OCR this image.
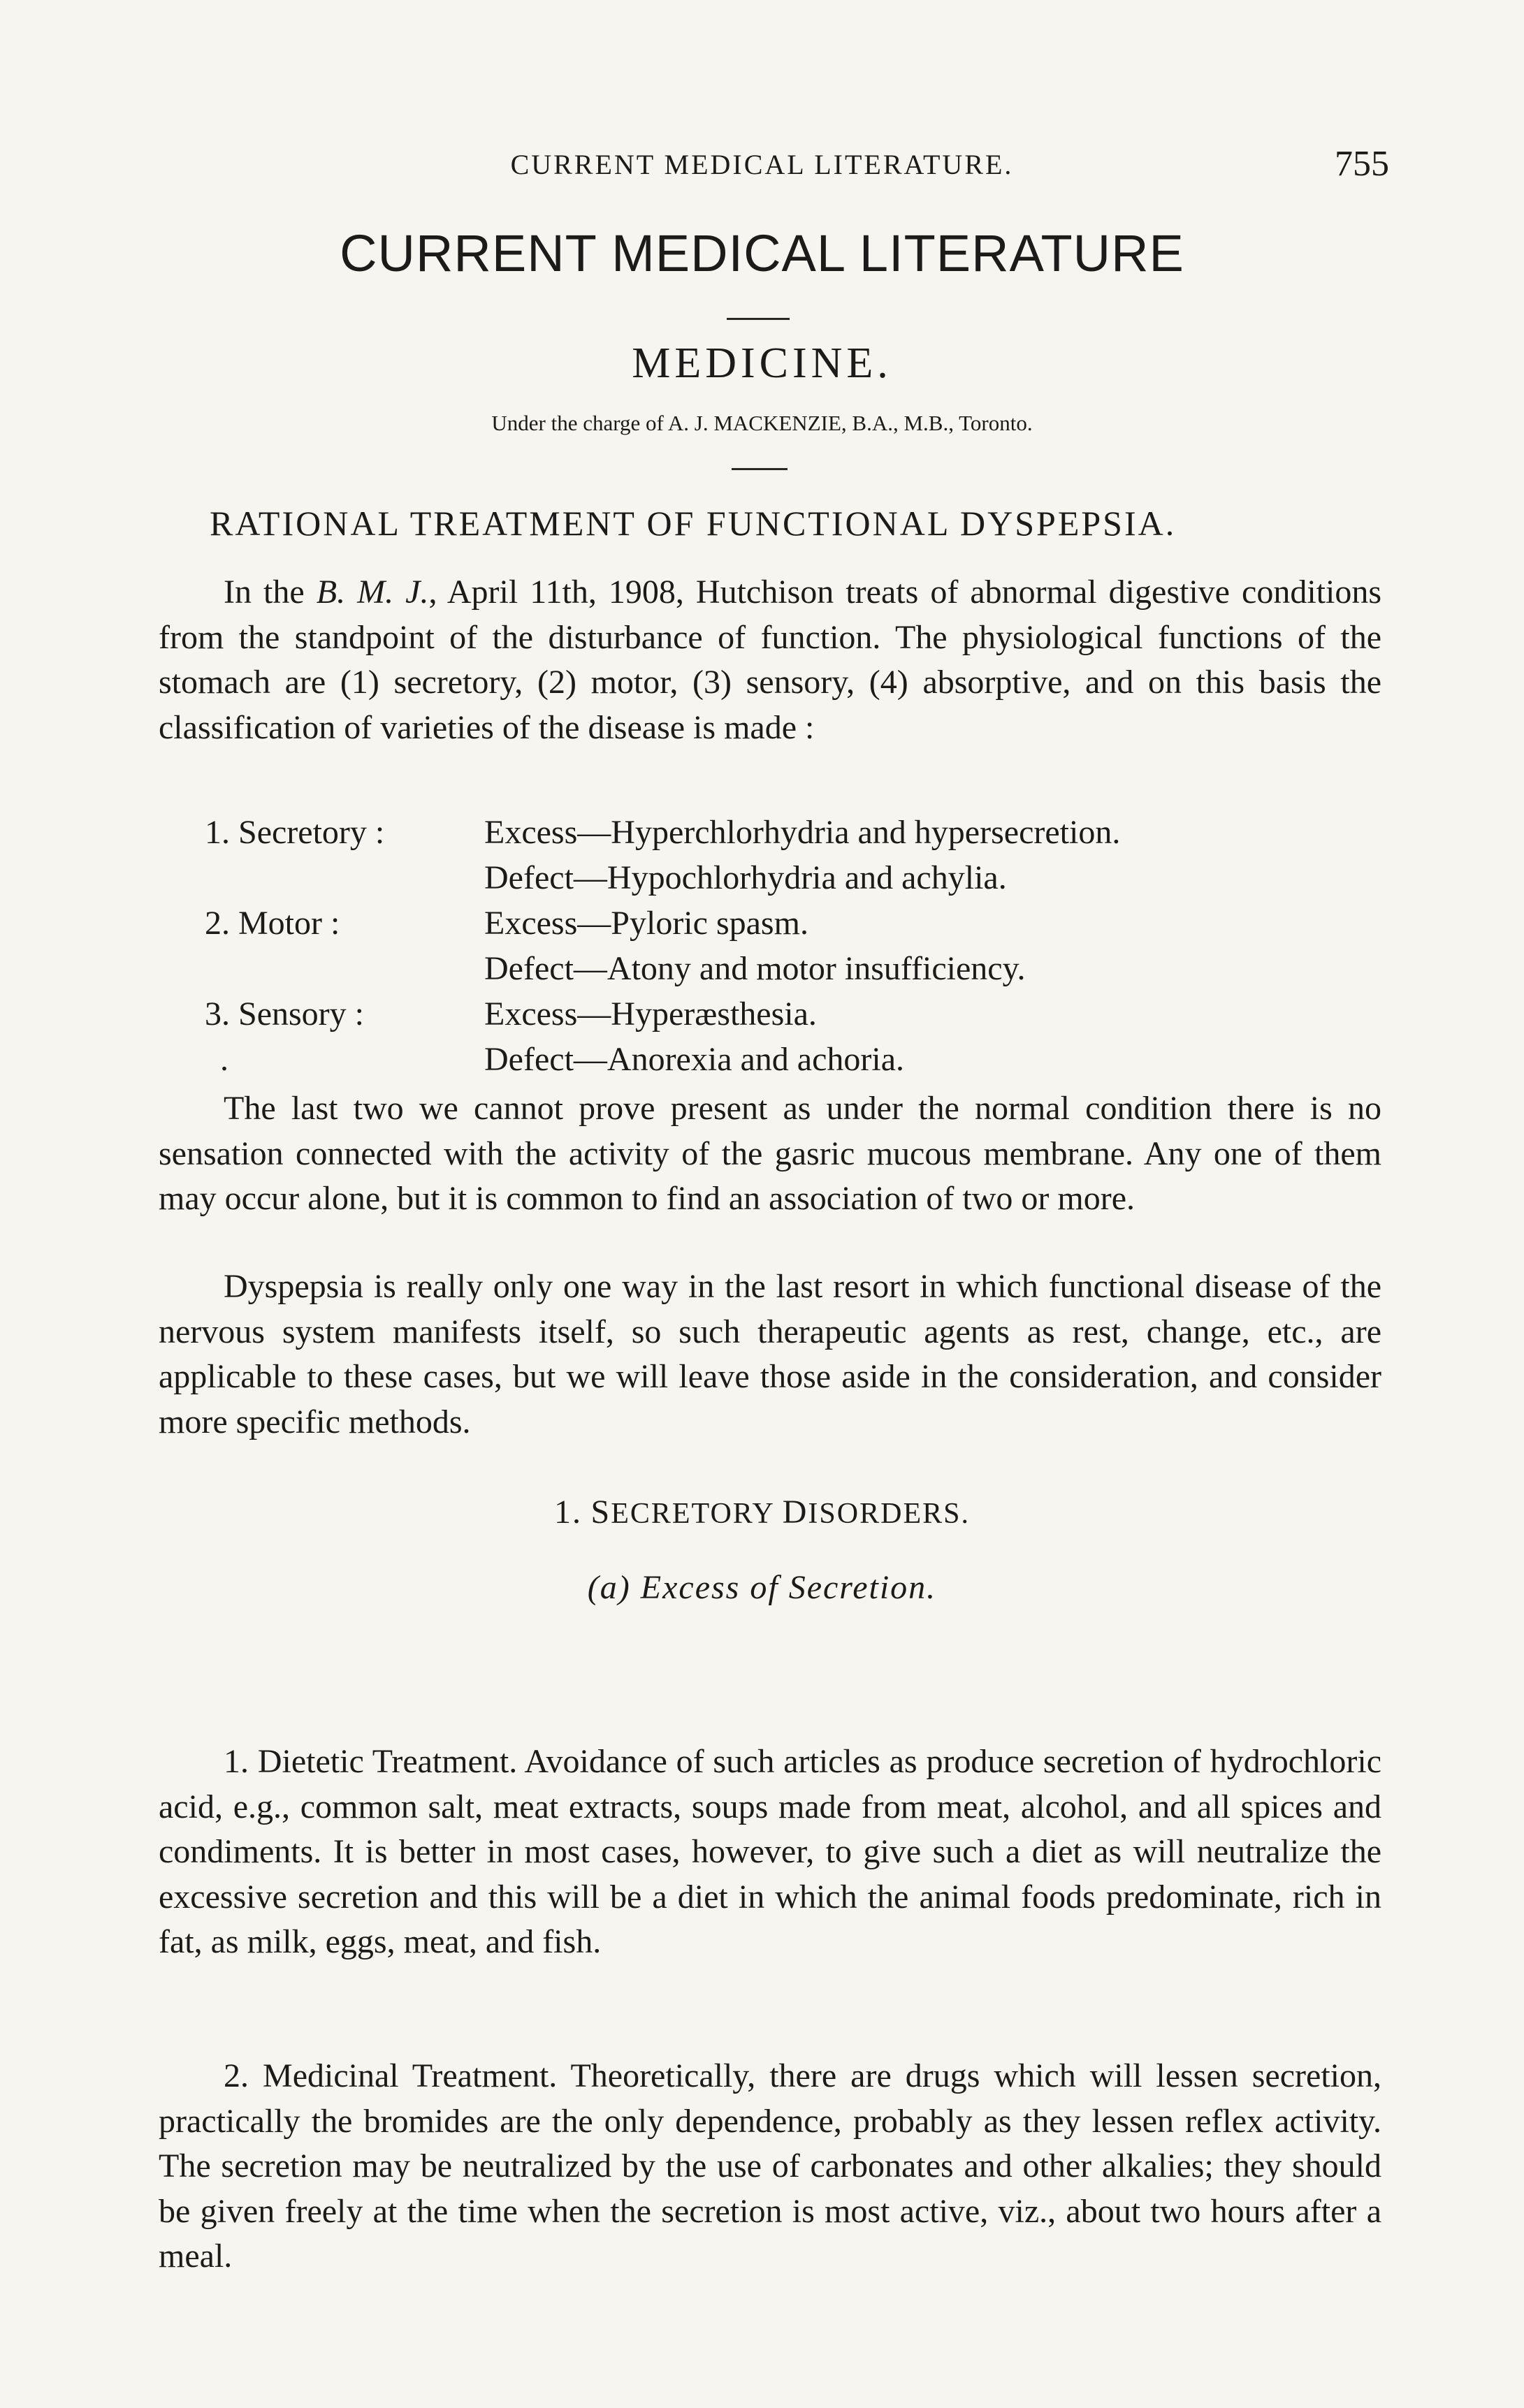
CURRENT MEDICAL LITERATURE.	755
CURRENT MEDICAL LITERATURE
MEDICINE.
Under the charge of A. J. MACKENZIE, B.A., M.B., Toronto.
RATIONAL TREATMENT OF FUNCTIONAL DYSPEPSIA.

In the B. M. J., April 11th, 1908, Hutchison treats of abnormal digestive conditions from the standpoint of the disturbance of function. The physiological functions of the stomach are (1) secretory, (2) motor, (3) sensory, (4) absorptive, and on this basis the classification of varieties of the disease is made :

1. Secretory :	Excess—Hyperchlorhydria and hypersecretion.
Defect—Hypochlorhydria and achylia.
2. Motor :	Excess—Pyloric spasm.
Defect—Atony and motor insufficiency.
3. Sensory :	Excess—Hyperæsthesia.
.	Defect—Anorexia and achoria.

The last two we cannot prove present as under the normal condition there is no sensation connected with the activity of the gasric mucous membrane. Any one of them may occur alone, but it is common to find an association of two or more.

Dyspepsia is really only one way in the last resort in which functional disease of the nervous system manifests itself, so such therapeutic agents as rest, change, etc., are applicable to these cases, but we will leave those aside in the consideration, and consider more specific methods.

1. SECRETORY DISORDERS.
(a) Excess of Secretion.

1. Dietetic Treatment. Avoidance of such articles as produce secretion of hydrochloric acid, e.g., common salt, meat extracts, soups made from meat, alcohol, and all spices and condiments. It is better in most cases, however, to give such a diet as will neutralize the excessive secretion and this will be a diet in which the animal foods predominate, rich in fat, as milk, eggs, meat, and fish.

2. Medicinal Treatment. Theoretically, there are drugs which will lessen secretion, practically the bromides are the only dependence, probably as they lessen reflex activity. The secretion may be neutralized by the use of carbonates and other alkalies; they should be given freely at the time when the secretion is most active, viz., about two hours after a meal.
